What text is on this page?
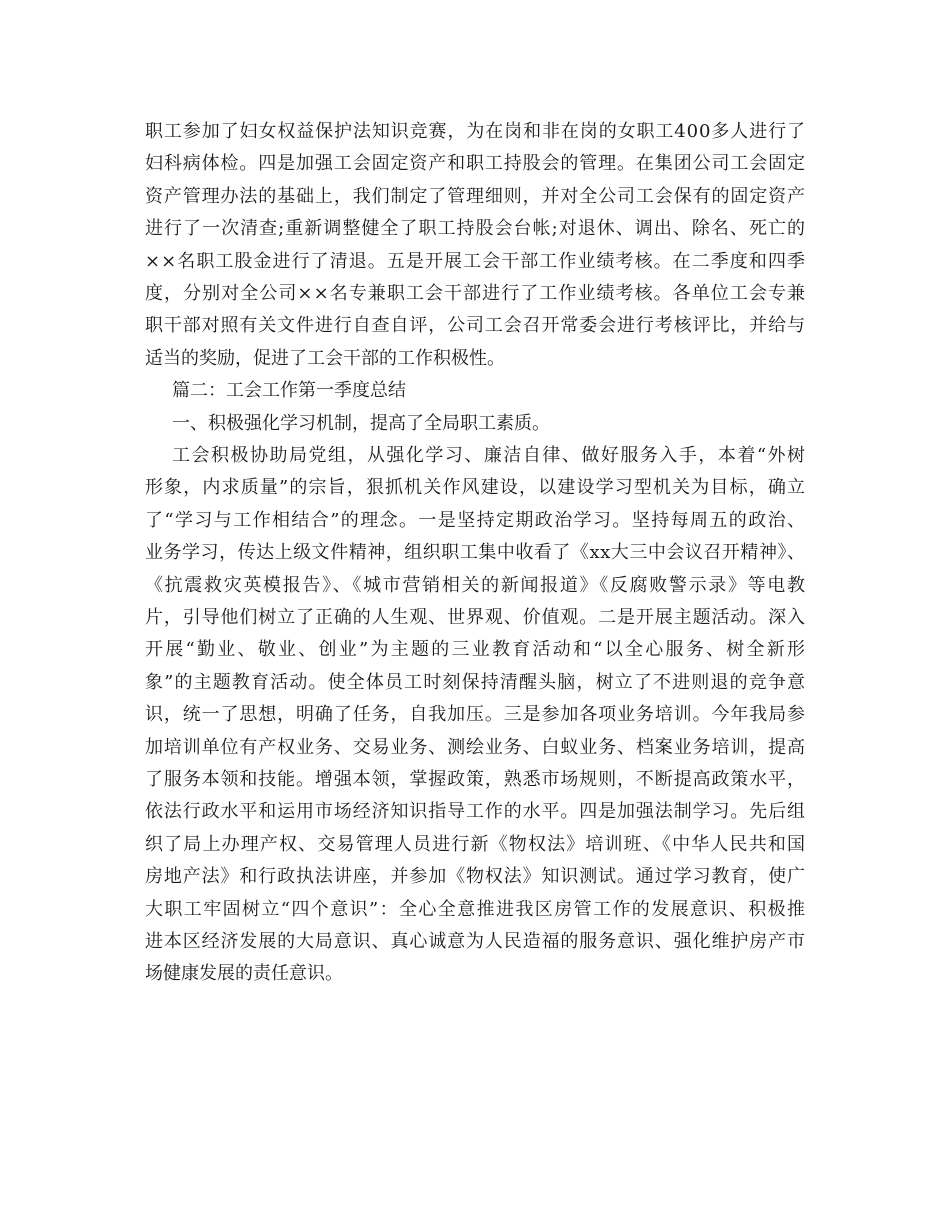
职工参加了妇女权益保护法知识竞赛，为在岗和非在岗的女职工400多人进行了
妇科病体检。四是加强工会固定资产和职工持股会的管理。在集团公司工会固定
资产管理办法的基础上，我们制定了管理细则，并对全公司工会保有的固定资产
进行了一次清查;重新调整健全了职工持股会台帐;对退休、调出、除名、死亡的
××名职工股金进行了清退。五是开展工会干部工作业绩考核。在二季度和四季
度，分别对全公司××名专兼职工会干部进行了工作业绩考核。各单位工会专兼
职干部对照有关文件进行自查自评，公司工会召开常委会进行考核评比，并给与
适当的奖励，促进了工会干部的工作积极性。
篇二：工会工作第一季度总结
一、积极强化学习机制，提高了全局职工素质。
工会积极协助局党组，从强化学习、廉洁自律、做好服务入手，本着“外树
形象，内求质量”的宗旨，狠抓机关作风建设，以建设学习型机关为目标，确立
了“学习与工作相结合”的理念。一是坚持定期政治学习。坚持每周五的政治、
业务学习，传达上级文件精神，组织职工集中收看了《xx大三中会议召开精神》、
《抗震救灾英模报告》、《城市营销相关的新闻报道》《反腐败警示录》等电教
片，引导他们树立了正确的人生观、世界观、价值观。二是开展主题活动。深入
开展“勤业、敬业、创业”为主题的三业教育活动和“以全心服务、树全新形
象”的主题教育活动。使全体员工时刻保持清醒头脑，树立了不进则退的竞争意
识，统一了思想，明确了任务，自我加压。三是参加各项业务培训。今年我局参
加培训单位有产权业务、交易业务、测绘业务、白蚁业务、档案业务培训，提高
了服务本领和技能。增强本领，掌握政策，熟悉市场规则，不断提高政策水平，
依法行政水平和运用市场经济知识指导工作的水平。四是加强法制学习。先后组
织了局上办理产权、交易管理人员进行新《物权法》培训班、《中华人民共和国
房地产法》和行政执法讲座，并参加《物权法》知识测试。通过学习教育，使广
大职工牢固树立“四个意识”：全心全意推进我区房管工作的发展意识、积极推
进本区经济发展的大局意识、真心诚意为人民造福的服务意识、强化维护房产市
场健康发展的责任意识。
